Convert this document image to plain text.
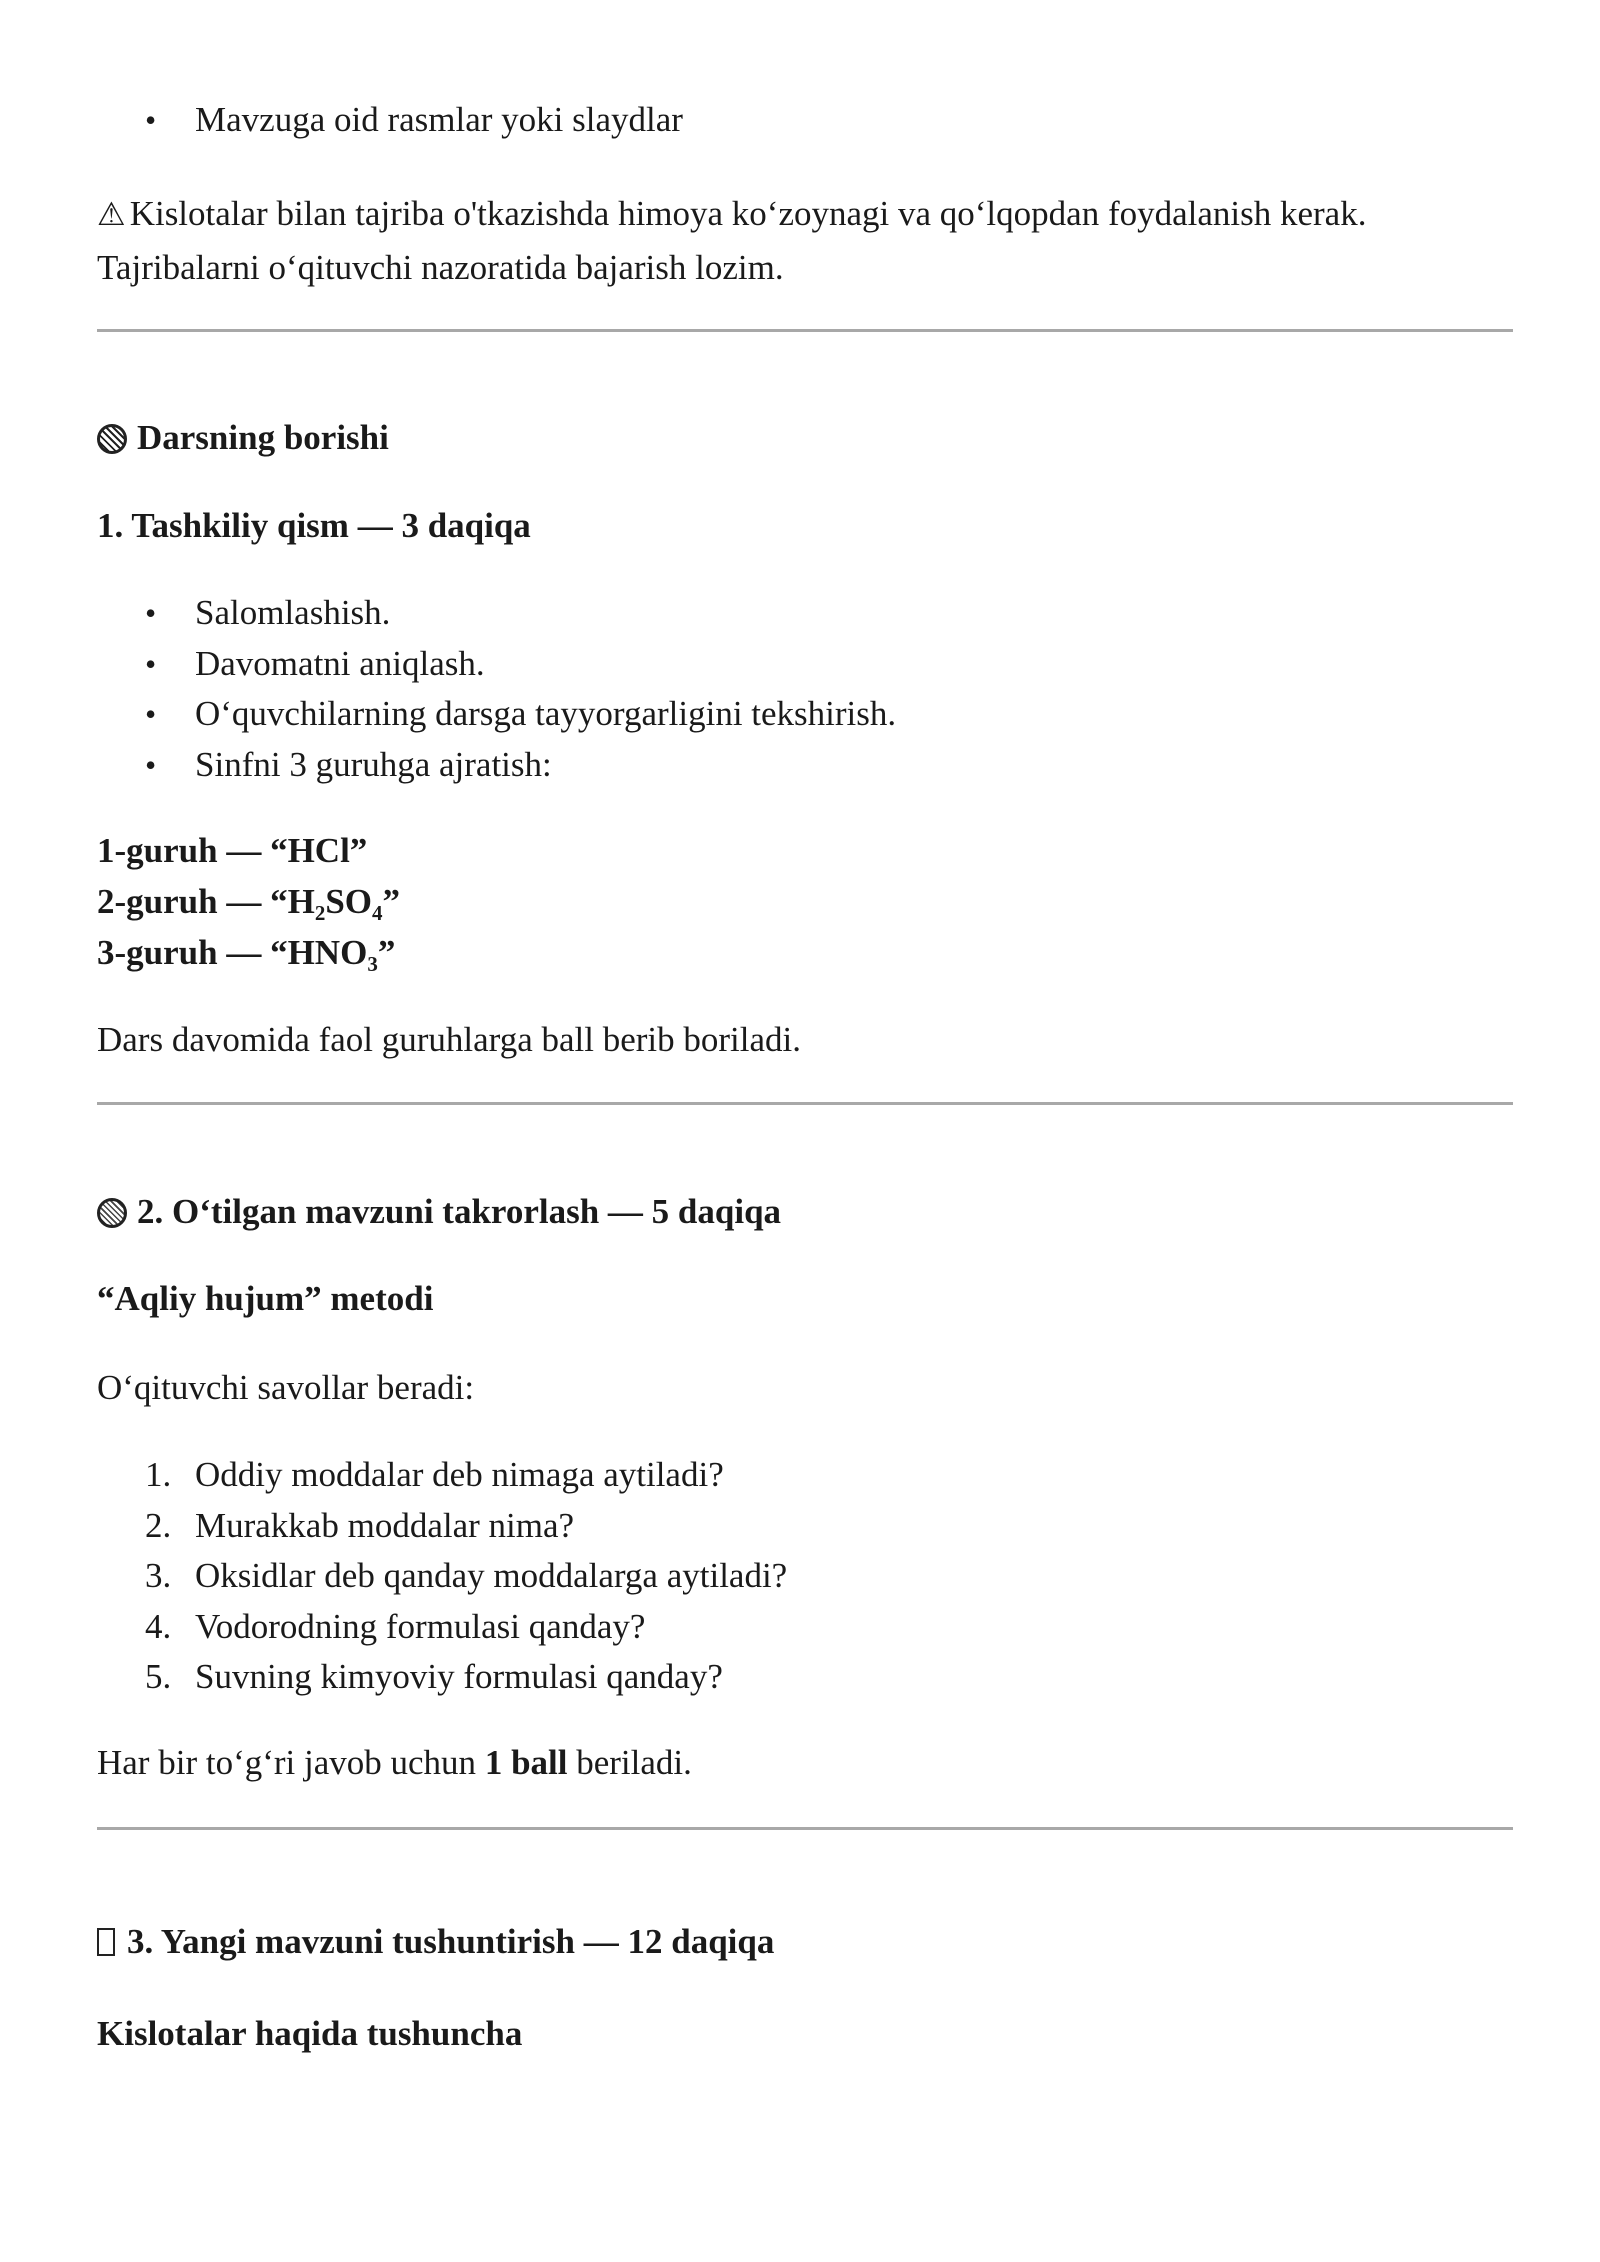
• Mavzuga oid rasmlar yoki slaydlar

⚠ Kislotalar bilan tajriba o'tkazishda himoya ko‘zoynagi va qo‘lqopdan foydalanish kerak.

Tajribalarni o‘qituvchi nazoratida bajarish lozim.

Darsning borishi

1. Tashkiliy qism — 3 daqiqa

• Salomlashish.
• Davomatni aniqlash.
• O‘quvchilarning darsga tayyorgarligini tekshirish.
• Sinfni 3 guruhga ajratish:

1-guruh — “HCl”

2-guruh — “$H_2SO_4$”

3-guruh — “$HNO_3$”

Dars davomida faol guruhlarga ball berib boriladi.

2. O‘tilgan mavzuni takrorlash — 5 daqiqa

“Aqliy hujum” metodi

O‘qituvchi savollar beradi:

1. Oddiy moddalar deb nimaga aytiladi?
2. Murakkab moddalar nima?
3. Oksidlar deb qanday moddalarga aytiladi?
4. Vodorodning formulasi qanday?
5. Suvning kimyoviy formulasi qanday?

Har bir to‘g‘ri javob uchun 1 ball beriladi.

3. Yangi mavzuni tushuntirish — 12 daqiqa

Kislotalar haqida tushuncha
